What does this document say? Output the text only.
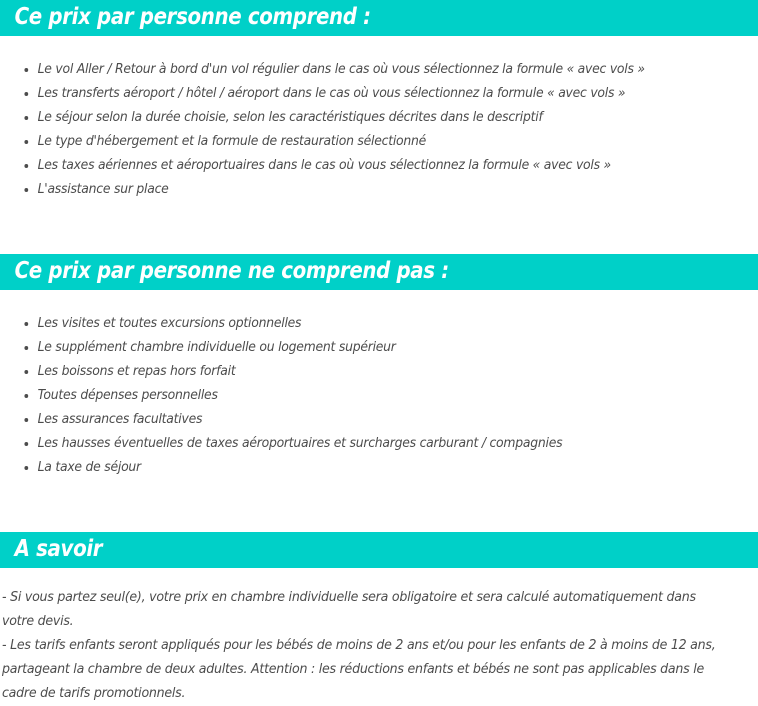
Ce prix par personne comprend :
Le vol Aller / Retour à bord d'un vol régulier dans le cas où vous sélectionnez la formule « avec vols »
Les transferts aéroport / hôtel / aéroport dans le cas où vous sélectionnez la formule « avec vols »
Le séjour selon la durée choisie, selon les caractéristiques décrites dans le descriptif
Le type d'hébergement et la formule de restauration sélectionné
Les taxes aériennes et aéroportuaires dans le cas où vous sélectionnez la formule « avec vols »
L'assistance sur place
Ce prix par personne ne comprend pas :
Les visites et toutes excursions optionnelles
Le supplément chambre individuelle ou logement supérieur
Les boissons et repas hors forfait
Toutes dépenses personnelles
Les assurances facultatives
Les hausses éventuelles de taxes aéroportuaires et surcharges carburant / compagnies
La taxe de séjour
A savoir

- Si vous partez seul(e), votre prix en chambre individuelle sera obligatoire et sera calculé automatiquement dans votre devis.

- Les tarifs enfants seront appliqués pour les bébés de moins de 2 ans et/ou pour les enfants de 2 à moins de 12 ans, partageant la chambre de deux adultes. Attention : les réductions enfants et bébés ne sont pas applicables dans le cadre de tarifs promotionnels.
